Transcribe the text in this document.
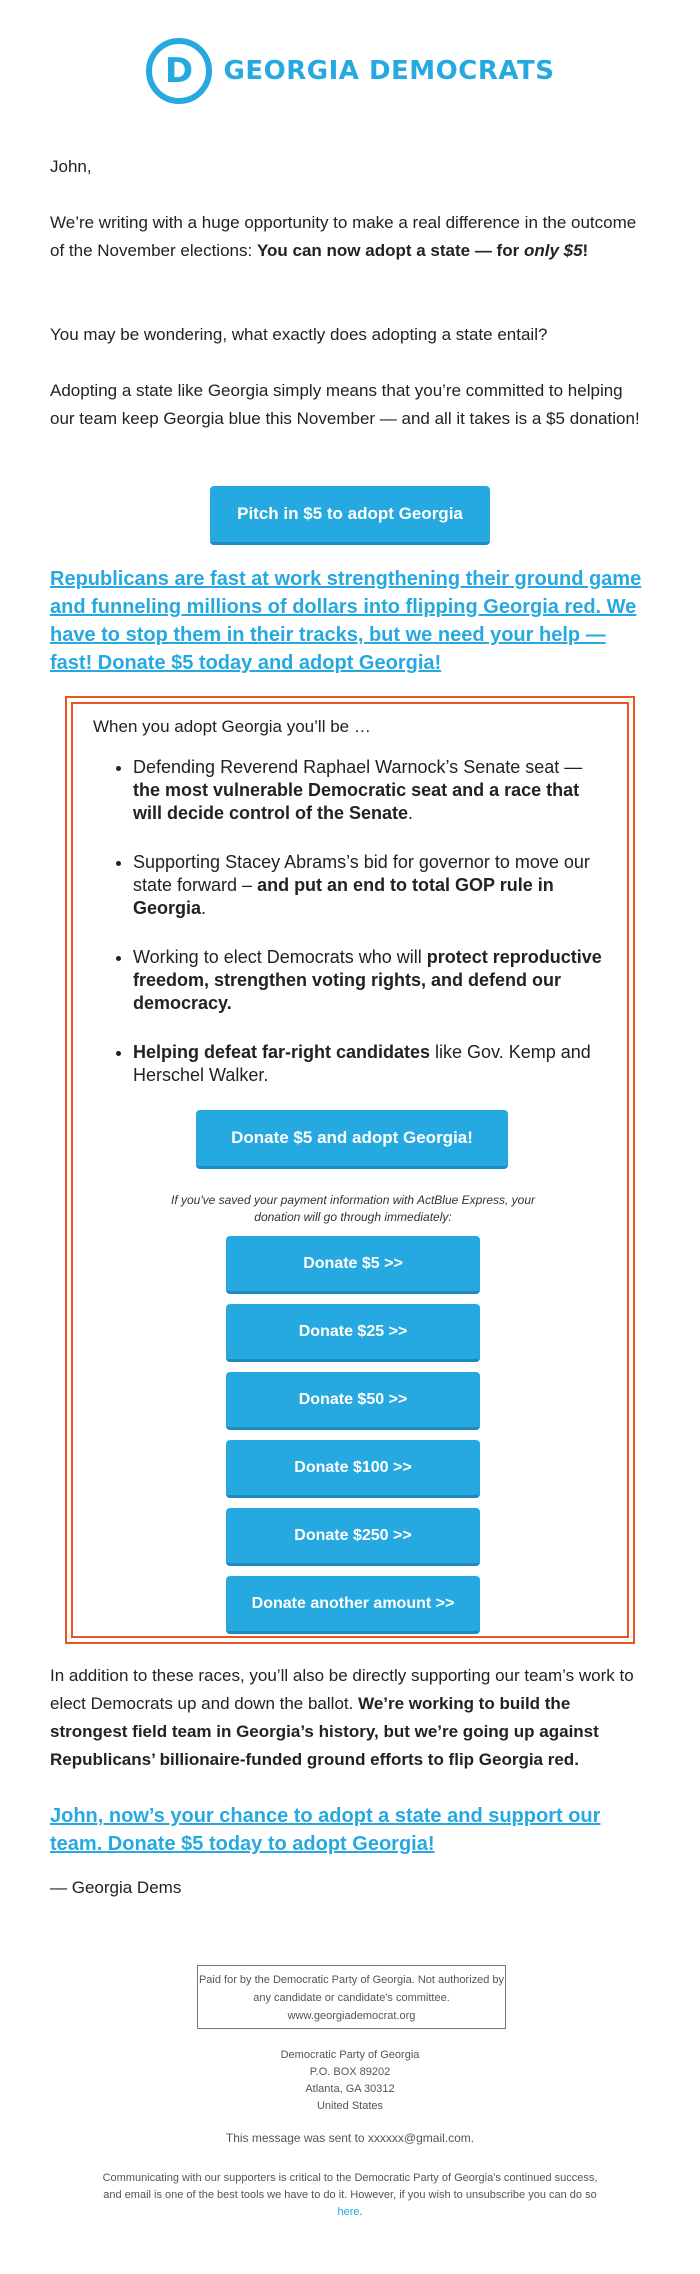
D GEORGIA DEMOCRATS

John,

We’re writing with a huge opportunity to make a real difference in the outcome of the November elections: You can now adopt a state — for only $5!

You may be wondering, what exactly does adopting a state entail?

Adopting a state like Georgia simply means that you’re committed to helping our team keep Georgia blue this November — and all it takes is a $5 donation!

Pitch in $5 to adopt Georgia
Republicans are fast at work strengthening their ground game and funneling millions of dollars into flipping Georgia red. We have to stop them in their tracks, but we need your help — fast! Donate $5 today and adopt Georgia!

When you adopt Georgia you’ll be …

• Defending Reverend Raphael Warnock’s Senate seat — the most vulnerable Democratic seat and a race that will decide control of the Senate.
• Supporting Stacey Abrams’s bid for governor to move our state forward – and put an end to total GOP rule in Georgia.
• Working to elect Democrats who will protect reproductive freedom, strengthen voting rights, and defend our democracy.
• Helping defeat far-right candidates like Gov. Kemp and Herschel Walker.
Donate $5 and adopt Georgia!
If you've saved your payment information with ActBlue Express, your donation will go through immediately:
Donate $5 >>
Donate $25 >>
Donate $50 >>
Donate $100 >>
Donate $250 >>
Donate another amount >>

In addition to these races, you’ll also be directly supporting our team’s work to elect Democrats up and down the ballot. We’re working to build the strongest field team in Georgia’s history, but we’re going up against Republicans’ billionaire-funded ground efforts to flip Georgia red.

John, now’s your chance to adopt a state and support our team. Donate $5 today to adopt Georgia!

— Georgia Dems

Paid for by the Democratic Party of Georgia. Not authorized by any candidate or candidate's committee. www.georgiademocrat.org
Democratic Party of Georgia
P.O. BOX 89202
Atlanta, GA 30312
United States
This message was sent to xxxxxx@gmail.com.
Communicating with our supporters is critical to the Democratic Party of Georgia's continued success, and email is one of the best tools we have to do it. However, if you wish to unsubscribe you can do so here.
